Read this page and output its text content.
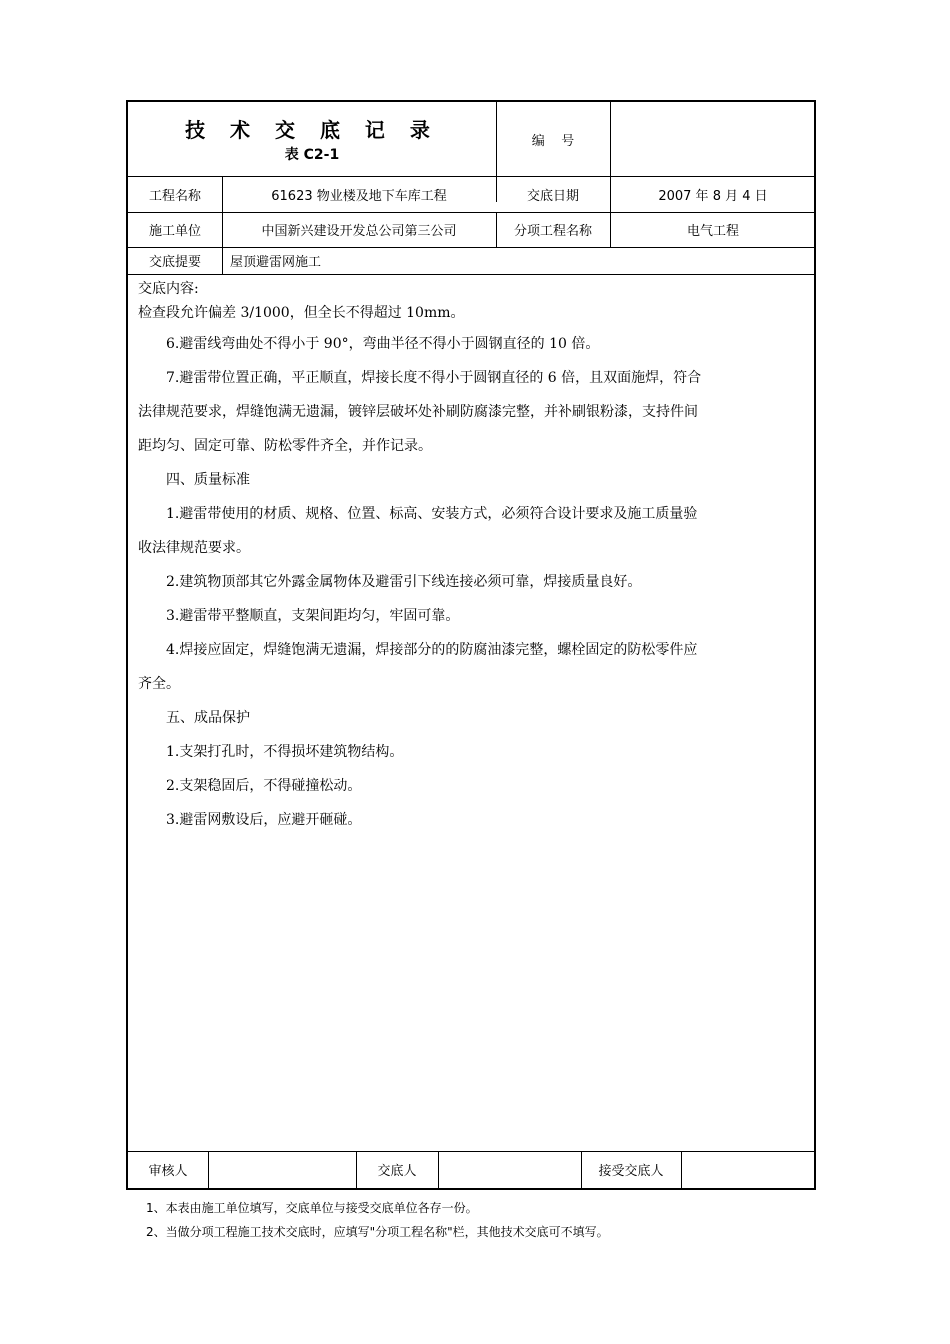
技 术 交 底 记 录
表 C2-1
编    号
工程名称	61623 物业楼及地下车库工程	交底日期	2007 年 8 月 4 日
施工单位	中国新兴建设开发总公司第三公司	分项工程名称	电气工程
交底提要	屋顶避雷网施工

交底内容:

检查段允许偏差 3/1000，但全长不得超过 10mm。

6.避雷线弯曲处不得小于 90°，弯曲半径不得小于圆钢直径的 10 倍。

7.避雷带位置正确，平正顺直，焊接长度不得小于圆钢直径的 6 倍，且双面施焊，符合

法律规范要求，焊缝饱满无遗漏，镀锌层破坏处补刷防腐漆完整，并补刷银粉漆，支持件间

距均匀、固定可靠、防松零件齐全，并作记录。

四、质量标准

1.避雷带使用的材质、规格、位置、标高、安装方式，必须符合设计要求及施工质量验

收法律规范要求。

2.建筑物顶部其它外露金属物体及避雷引下线连接必须可靠，焊接质量良好。

3.避雷带平整顺直，支架间距均匀，牢固可靠。

4.焊接应固定，焊缝饱满无遗漏，焊接部分的的防腐油漆完整，螺栓固定的防松零件应

齐全。

五、成品保护

1.支架打孔时，不得损坏建筑物结构。

2.支架稳固后，不得碰撞松动。

3.避雷网敷设后，应避开砸碰。

审核人	交底人	接受交底人
1、本表由施工单位填写，交底单位与接受交底单位各存一份。
2、当做分项工程施工技术交底时，应填写"分项工程名称"栏，其他技术交底可不填写。
